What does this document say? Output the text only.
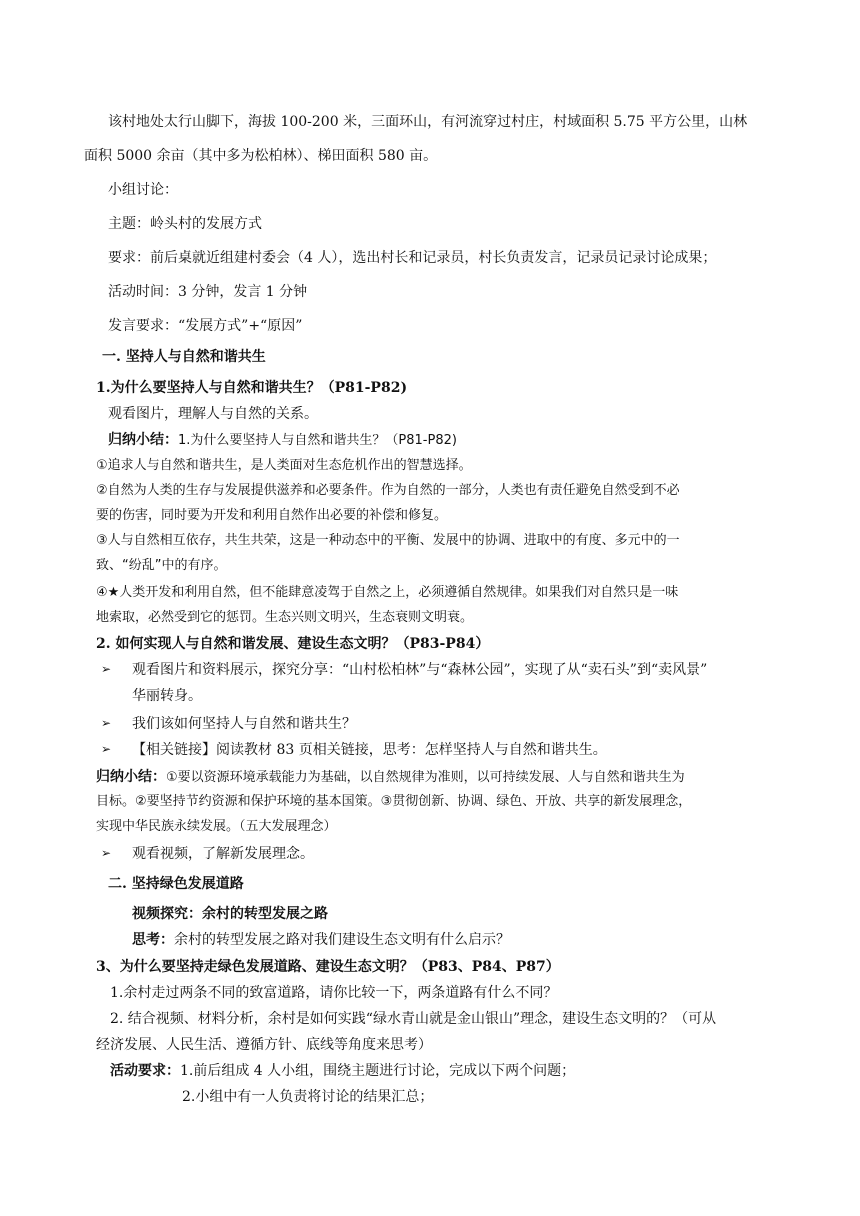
该村地处太行山脚下，海拔 100-200 米，三面环山，有河流穿过村庄，村域面积 5.75 平方公里，山林
面积 5000 余亩（其中多为松柏林）、梯田面积 580 亩。
小组讨论：
主题：岭头村的发展方式
要求：前后桌就近组建村委会（4 人），选出村长和记录员，村长负责发言，记录员记录讨论成果；
活动时间：3 分钟，发言 1 分钟
发言要求：“发展方式”+“原因”
一. 坚持人与自然和谐共生
1.为什么要坚持人与自然和谐共生？（P81-P82)
观看图片，理解人与自然的关系。
归纳小结：1.为什么要坚持人与自然和谐共生？（P81-P82)
①追求人与自然和谐共生，是人类面对生态危机作出的智慧选择。
②自然为人类的生存与发展提供滋养和必要条件。作为自然的一部分，人类也有责任避免自然受到不必
要的伤害，同时要为开发和利用自然作出必要的补偿和修复。
③人与自然相互依存，共生共荣，这是一种动态中的平衡、发展中的协调、进取中的有度、多元中的一
致、“纷乱”中的有序。
④★人类开发和利用自然，但不能肆意凌驾于自然之上，必须遵循自然规律。如果我们对自然只是一味
地索取，必然受到它的惩罚。生态兴则文明兴，生态衰则文明衰。
2. 如何实现人与自然和谐发展、建设生态文明？（P83-P84）
➢ 观看图片和资料展示，探究分享：“山村松柏林”与“森林公园”，实现了从“卖石头”到“卖风景”
华丽转身。
➢ 我们该如何坚持人与自然和谐共生？
➢ 【相关链接】阅读教材 83 页相关链接，思考：怎样坚持人与自然和谐共生。
归纳小结：①要以资源环境承载能力为基础，以自然规律为准则，以可持续发展、人与自然和谐共生为
目标。②要坚持节约资源和保护环境的基本国策。③贯彻创新、协调、绿色、开放、共享的新发展理念，
实现中华民族永续发展。（五大发展理念）
➢ 观看视频，了解新发展理念。
二. 坚持绿色发展道路
视频探究：余村的转型发展之路
思考：余村的转型发展之路对我们建设生态文明有什么启示？
3、为什么要坚持走绿色发展道路、建设生态文明？（P83、P84、P87）
1.余村走过两条不同的致富道路，请你比较一下，两条道路有什么不同？
2. 结合视频、材料分析，余村是如何实践“绿水青山就是金山银山”理念，建设生态文明的？（可从
经济发展、人民生活、遵循方针、底线等角度来思考）
活动要求：1.前后组成 4 人小组，围绕主题进行讨论，完成以下两个问题；
2.小组中有一人负责将讨论的结果汇总；
